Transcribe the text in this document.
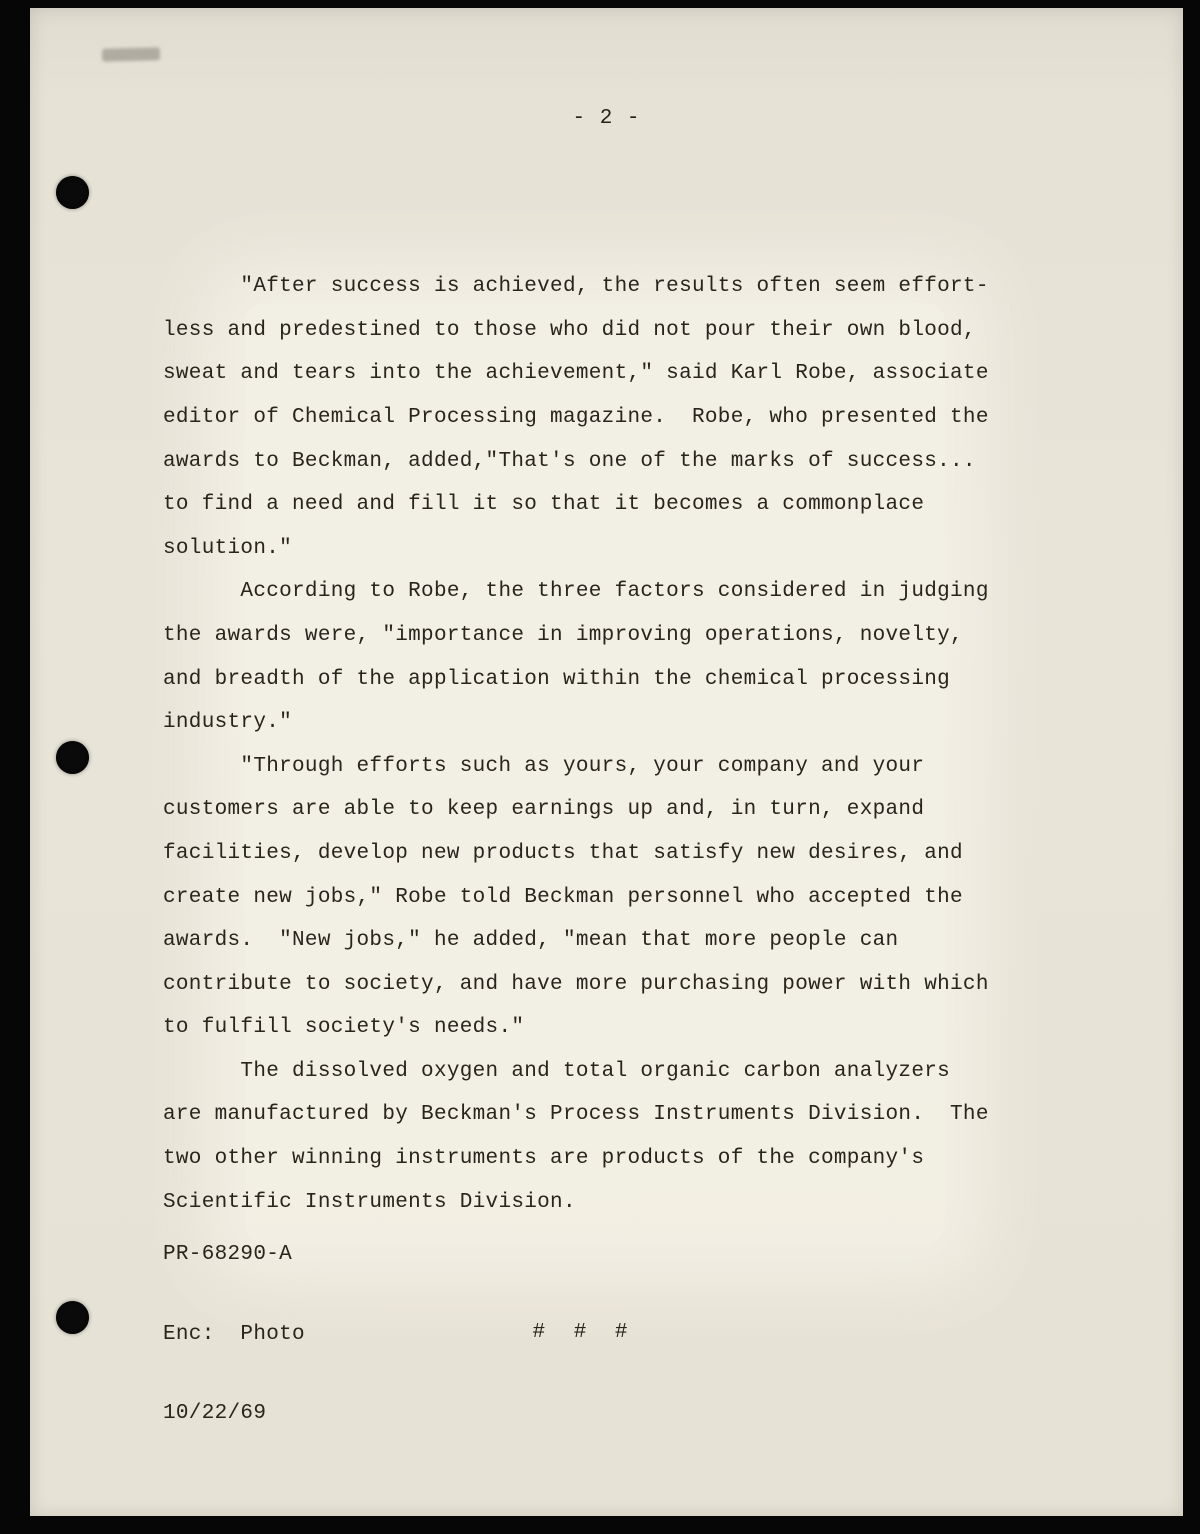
- 2 -

"After success is achieved, the results often seem effort-
less and predestined to those who did not pour their own blood,
sweat and tears into the achievement," said Karl Robe, associate
editor of Chemical Processing magazine.  Robe, who presented the
awards to Beckman, added,"That's one of the marks of success...
to find a need and fill it so that it becomes a commonplace
solution."
According to Robe, the three factors considered in judging
the awards were, "importance in improving operations, novelty,
and breadth of the application within the chemical processing
industry."
"Through efforts such as yours, your company and your
customers are able to keep earnings up and, in turn, expand
facilities, develop new products that satisfy new desires, and
create new jobs," Robe told Beckman personnel who accepted the
awards.  "New jobs," he added, "mean that more people can
contribute to society, and have more purchasing power with which
to fulfill society's needs."
The dissolved oxygen and total organic carbon analyzers
are manufactured by Beckman's Process Instruments Division.  The
two other winning instruments are products of the company's
Scientific Instruments Division.

# # #

PR-68290-A

Enc:  Photo

10/22/69
